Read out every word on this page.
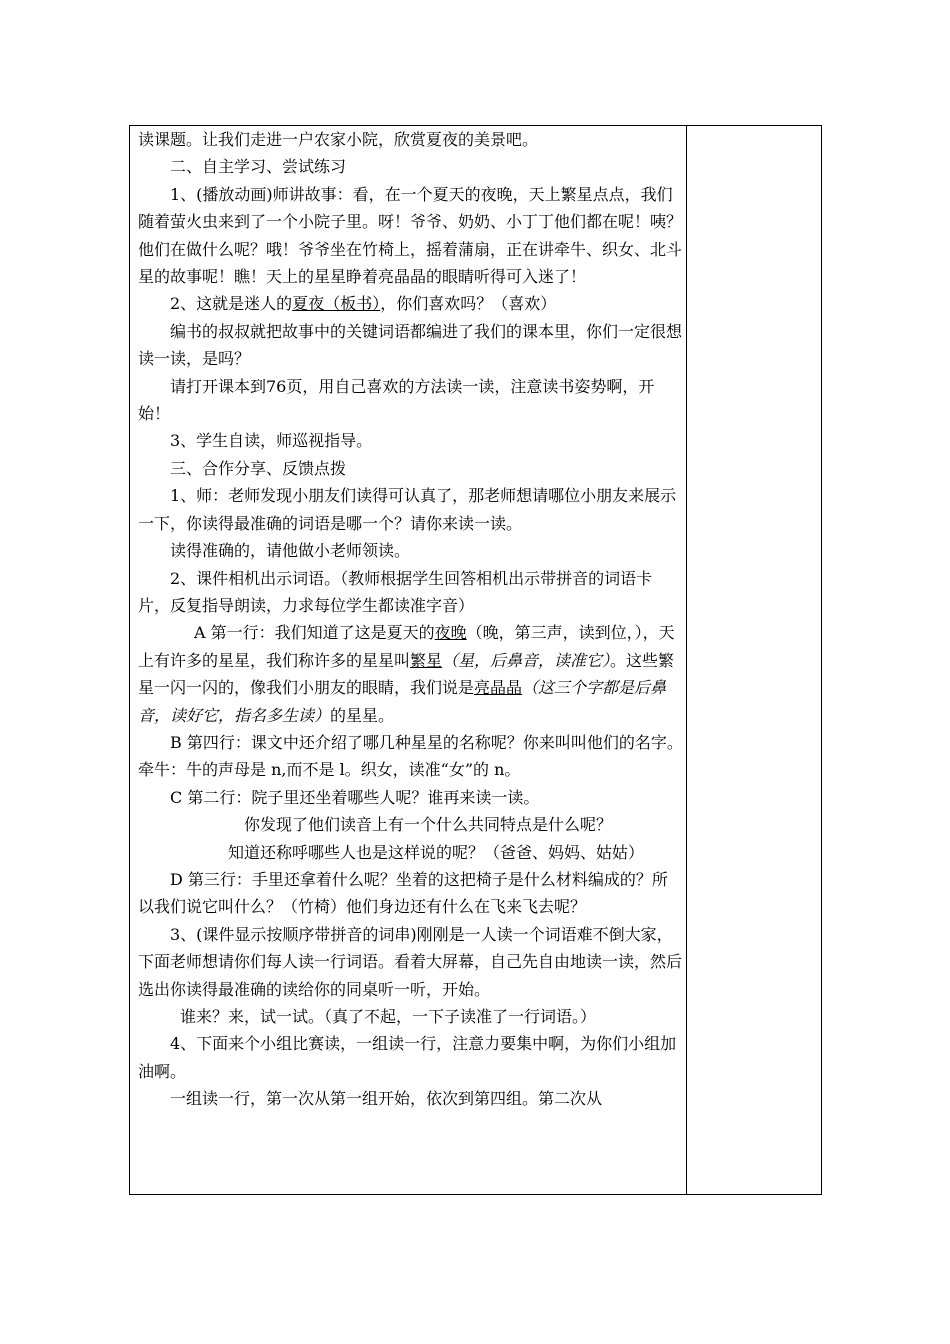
读课题。让我们走进一户农家小院，欣赏夏夜的美景吧。

二、自主学习、尝试练习

1、(播放动画)师讲故事：看，在一个夏天的夜晚，天上繁星点点，我们随着萤火虫来到了一个小院子里。呀！爷爷、奶奶、小丁丁他们都在呢！咦？他们在做什么呢？哦！爷爷坐在竹椅上，摇着蒲扇，正在讲牵牛、织女、北斗星的故事呢！瞧！天上的星星睁着亮晶晶的眼睛听得可入迷了！

2、这就是迷人的夏夜（板书），你们喜欢吗？（喜欢）

编书的叔叔就把故事中的关键词语都编进了我们的课本里，你们一定很想读一读，是吗？

请打开课本到76页，用自己喜欢的方法读一读，注意读书姿势啊，开始！

3、学生自读，师巡视指导。

三、合作分享、反馈点拨

1、师：老师发现小朋友们读得可认真了，那老师想请哪位小朋友来展示一下，你读得最准确的词语是哪一个？请你来读一读。

读得准确的，请他做小老师领读。

2、课件相机出示词语。（教师根据学生回答相机出示带拼音的词语卡片，反复指导朗读，力求每位学生都读准字音）

A 第一行：我们知道了这是夏天的夜晚（晚，第三声，读到位，），天上有许多的星星，我们称许多的星星叫繁星（星，后鼻音，读准它）。这些繁星一闪一闪的，像我们小朋友的眼睛，我们说是亮晶晶（这三个字都是后鼻音，读好它，指名多生读）的星星。

B 第四行：课文中还介绍了哪几种星星的名称呢？你来叫叫他们的名字。牵牛：牛的声母是 n,而不是 l。织女，读准“女”的 n。

C 第二行：院子里还坐着哪些人呢？谁再来读一读。

你发现了他们读音上有一个什么共同特点是什么呢？

知道还称呼哪些人也是这样说的呢？（爸爸、妈妈、姑姑）

D 第三行：手里还拿着什么呢？坐着的这把椅子是什么材料编成的？所以我们说它叫什么？（竹椅）他们身边还有什么在飞来飞去呢？

3、(课件显示按顺序带拼音的词串)刚刚是一人读一个词语难不倒大家，下面老师想请你们每人读一行词语。看着大屏幕，自己先自由地读一读，然后选出你读得最准确的读给你的同桌听一听，开始。

谁来？来，试一试。（真了不起，一下子读准了一行词语。）

4、下面来个小组比赛读，一组读一行，注意力要集中啊，为你们小组加油啊。

一组读一行，第一次从第一组开始，依次到第四组。第二次从
